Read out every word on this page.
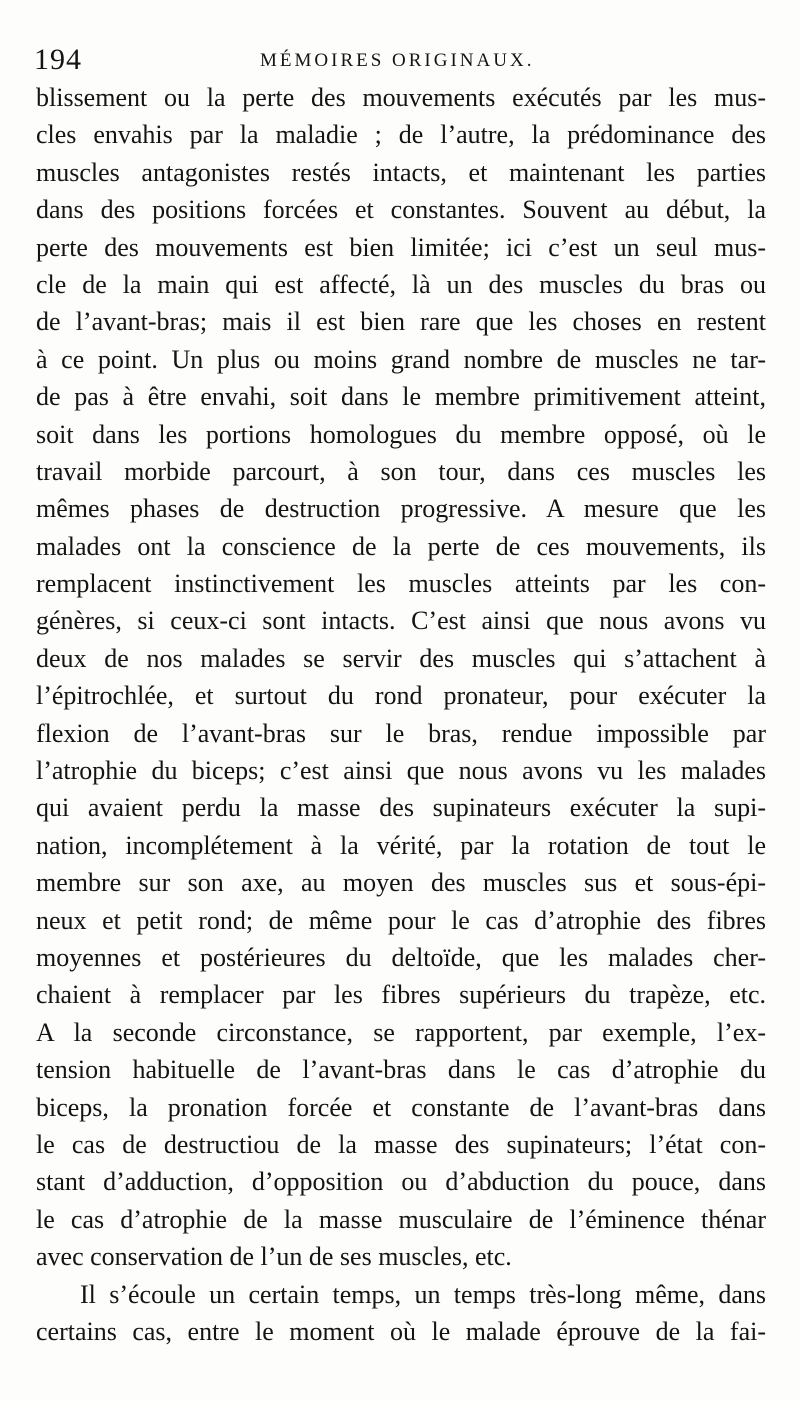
194	MÉMOIRES ORIGINAUX.
blissement ou la perte des mouvements exécutés par les mus-
cles envahis par la maladie ; de l’autre, la prédominance des
muscles antagonistes restés intacts, et maintenant les parties
dans des positions forcées et constantes. Souvent au début, la
perte des mouvements est bien limitée; ici c’est un seul mus-
cle de la main qui est affecté, là un des muscles du bras ou
de l’avant-bras; mais il est bien rare que les choses en restent
à ce point. Un plus ou moins grand nombre de muscles ne tar-
de pas à être envahi, soit dans le membre primitivement atteint,
soit dans les portions homologues du membre opposé, où le
travail morbide parcourt, à son tour, dans ces muscles les
mêmes phases de destruction progressive. A mesure que les
malades ont la conscience de la perte de ces mouvements, ils
remplacent instinctivement les muscles atteints par les con-
génères, si ceux-ci sont intacts. C’est ainsi que nous avons vu
deux de nos malades se servir des muscles qui s’attachent à
l’épitrochlée, et surtout du rond pronateur, pour exécuter la
flexion de l’avant-bras sur le bras, rendue impossible par
l’atrophie du biceps; c’est ainsi que nous avons vu les malades
qui avaient perdu la masse des supinateurs exécuter la supi-
nation, incomplétement à la vérité, par la rotation de tout le
membre sur son axe, au moyen des muscles sus et sous-épi-
neux et petit rond; de même pour le cas d’atrophie des fibres
moyennes et postérieures du deltoïde, que les malades cher-
chaient à remplacer par les fibres supérieurs du trapèze, etc.
A la seconde circonstance, se rapportent, par exemple, l’ex-
tension habituelle de l’avant-bras dans le cas d’atrophie du
biceps, la pronation forcée et constante de l’avant-bras dans
le cas de destructiou de la masse des supinateurs; l’état con-
stant d’adduction, d’opposition ou d’abduction du pouce, dans
le cas d’atrophie de la masse musculaire de l’éminence thénar
avec conservation de l’un de ses muscles, etc.
Il s’écoule un certain temps, un temps très-long même, dans
certains cas, entre le moment où le malade éprouve de la fai-
